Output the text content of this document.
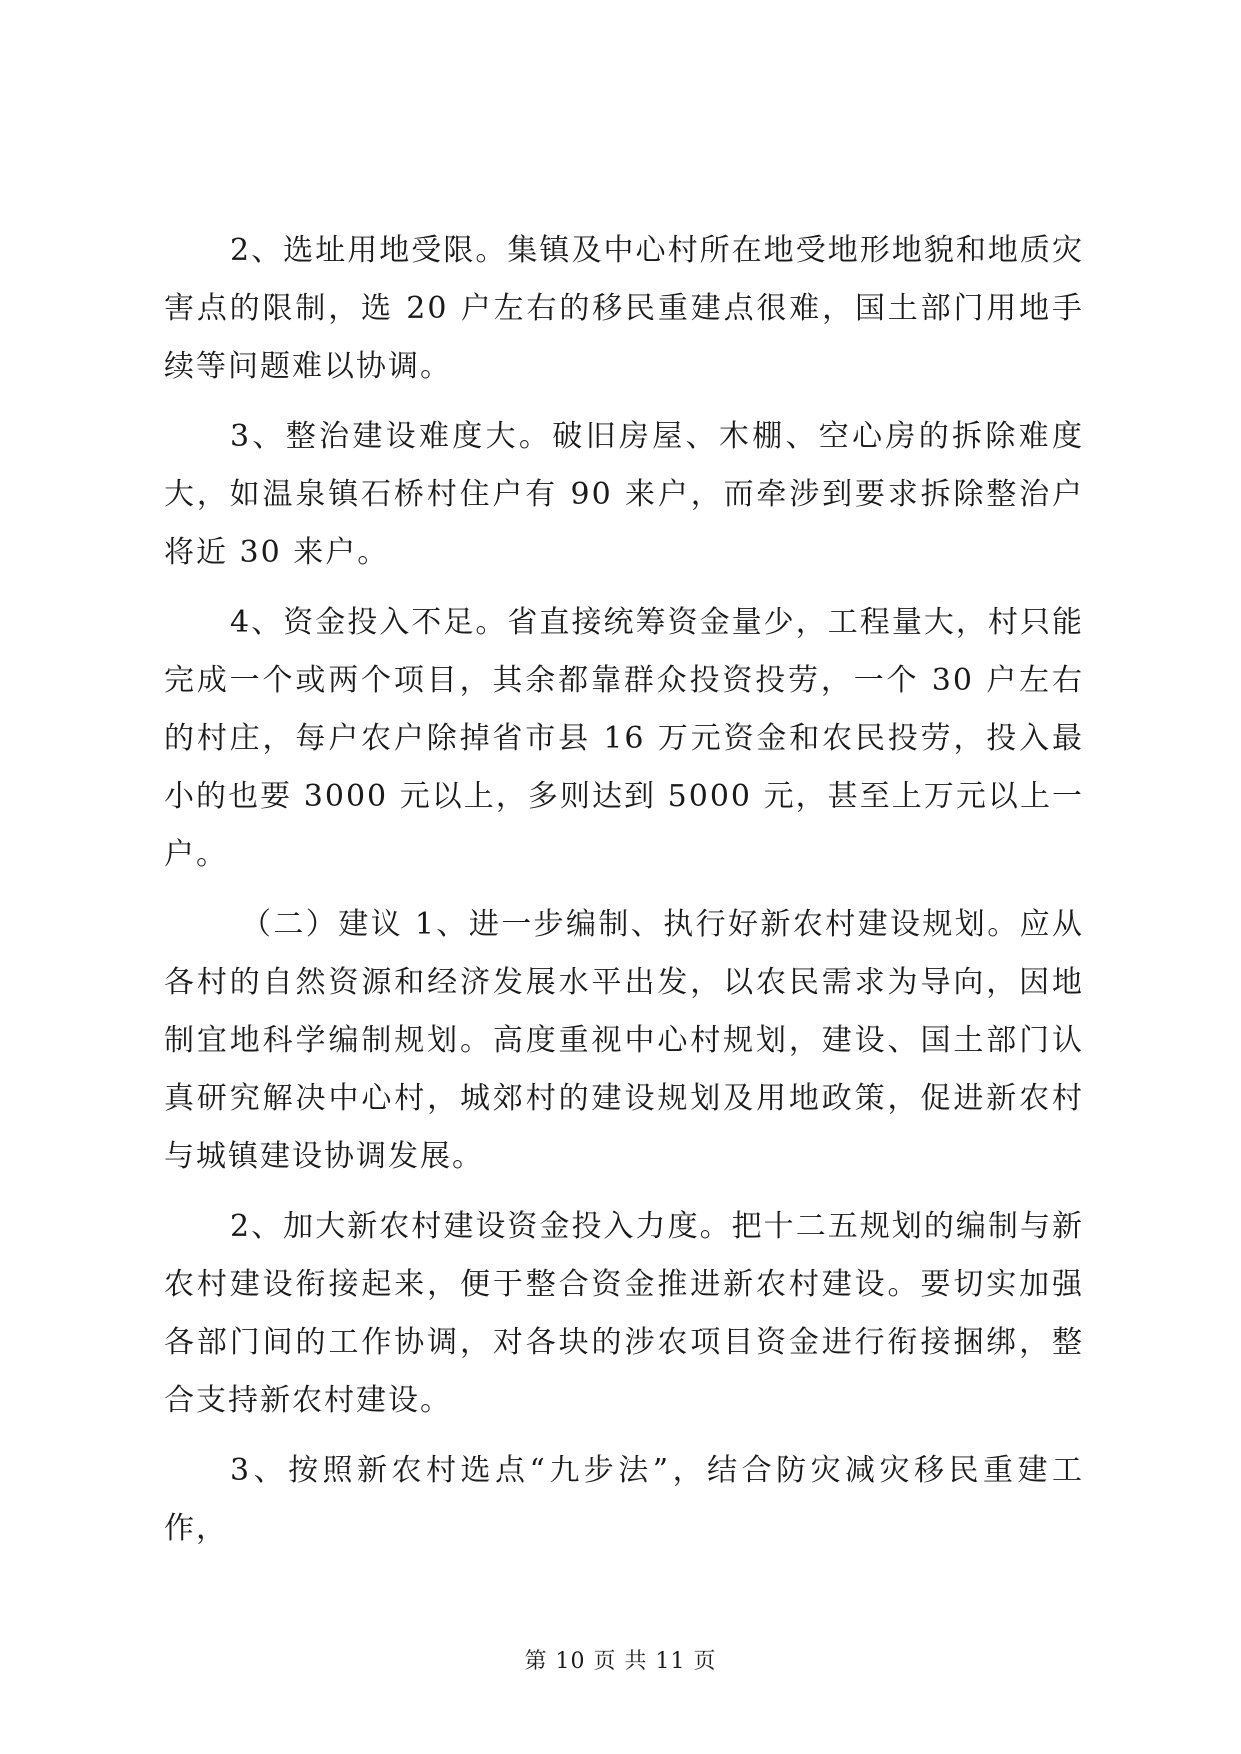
2、选址用地受限。集镇及中心村所在地受地形地貌和地质灾害点的限制，选 20 户左右的移民重建点很难，国土部门用地手续等问题难以协调。

3、整治建设难度大。破旧房屋、木棚、空心房的拆除难度大，如温泉镇石桥村住户有 90 来户，而牵涉到要求拆除整治户将近 30 来户。

4、资金投入不足。省直接统筹资金量少，工程量大，村只能完成一个或两个项目，其余都靠群众投资投劳，一个 30 户左右的村庄，每户农户除掉省市县 16 万元资金和农民投劳，投入最小的也要 3000 元以上，多则达到 5000 元，甚至上万元以上一户。

（二）建议 1、进一步编制、执行好新农村建设规划。应从各村的自然资源和经济发展水平出发，以农民需求为导向，因地制宜地科学编制规划。高度重视中心村规划，建设、国土部门认真研究解决中心村，城郊村的建设规划及用地政策，促进新农村与城镇建设协调发展。

2、加大新农村建设资金投入力度。把十二五规划的编制与新农村建设衔接起来，便于整合资金推进新农村建设。要切实加强各部门间的工作协调，对各块的涉农项目资金进行衔接捆绑，整合支持新农村建设。

3、按照新农村选点“九步法”，结合防灾减灾移民重建工作，

第 10 页 共 11 页
